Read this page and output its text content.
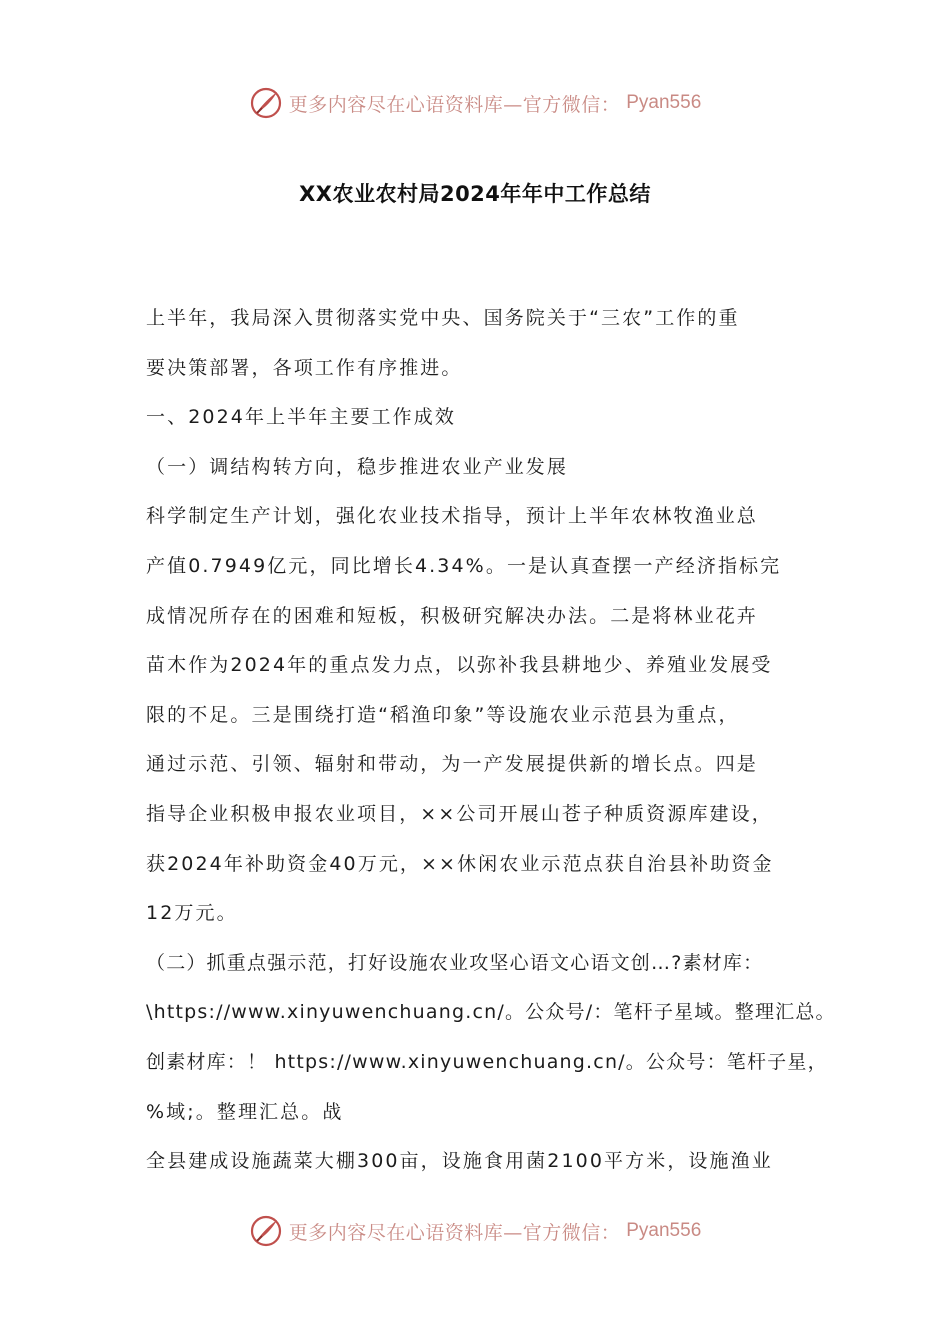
更多内容尽在心语资料库—官方微信： Pyan556
XX农业农村局2024年年中工作总结
上半年，我局深入贯彻落实党中央、国务院关于“三农”工作的重
要决策部署，各项工作有序推进。
一、2024年上半年主要工作成效
（一）调结构转方向，稳步推进农业产业发展
科学制定生产计划，强化农业技术指导，预计上半年农林牧渔业总
产值0.7949亿元，同比增长4.34%。一是认真查摆一产经济指标完
成情况所存在的困难和短板，积极研究解决办法。二是将林业花卉
苗木作为2024年的重点发力点，以弥补我县耕地少、养殖业发展受
限的不足。三是围绕打造“稻渔印象”等设施农业示范县为重点，
通过示范、引领、辐射和带动，为一产发展提供新的增长点。四是
指导企业积极申报农业项目，××公司开展山苍子种质资源库建设，
获2024年补助资金40万元，××休闲农业示范点获自治县补助资金
12万元。
（二）抓重点强示范，打好设施农业攻坚心语文心语文创…?素材库：
\https://www.xinyuwenchuang.cn/。公众号/：笔杆子星域。整理汇总。
创素材库：！ https://www.xinyuwenchuang.cn/。公众号：笔杆子星，
%域;。整理汇总。战
全县建成设施蔬菜大棚300亩，设施食用菌2100平方米，设施渔业
更多内容尽在心语资料库—官方微信： Pyan556
